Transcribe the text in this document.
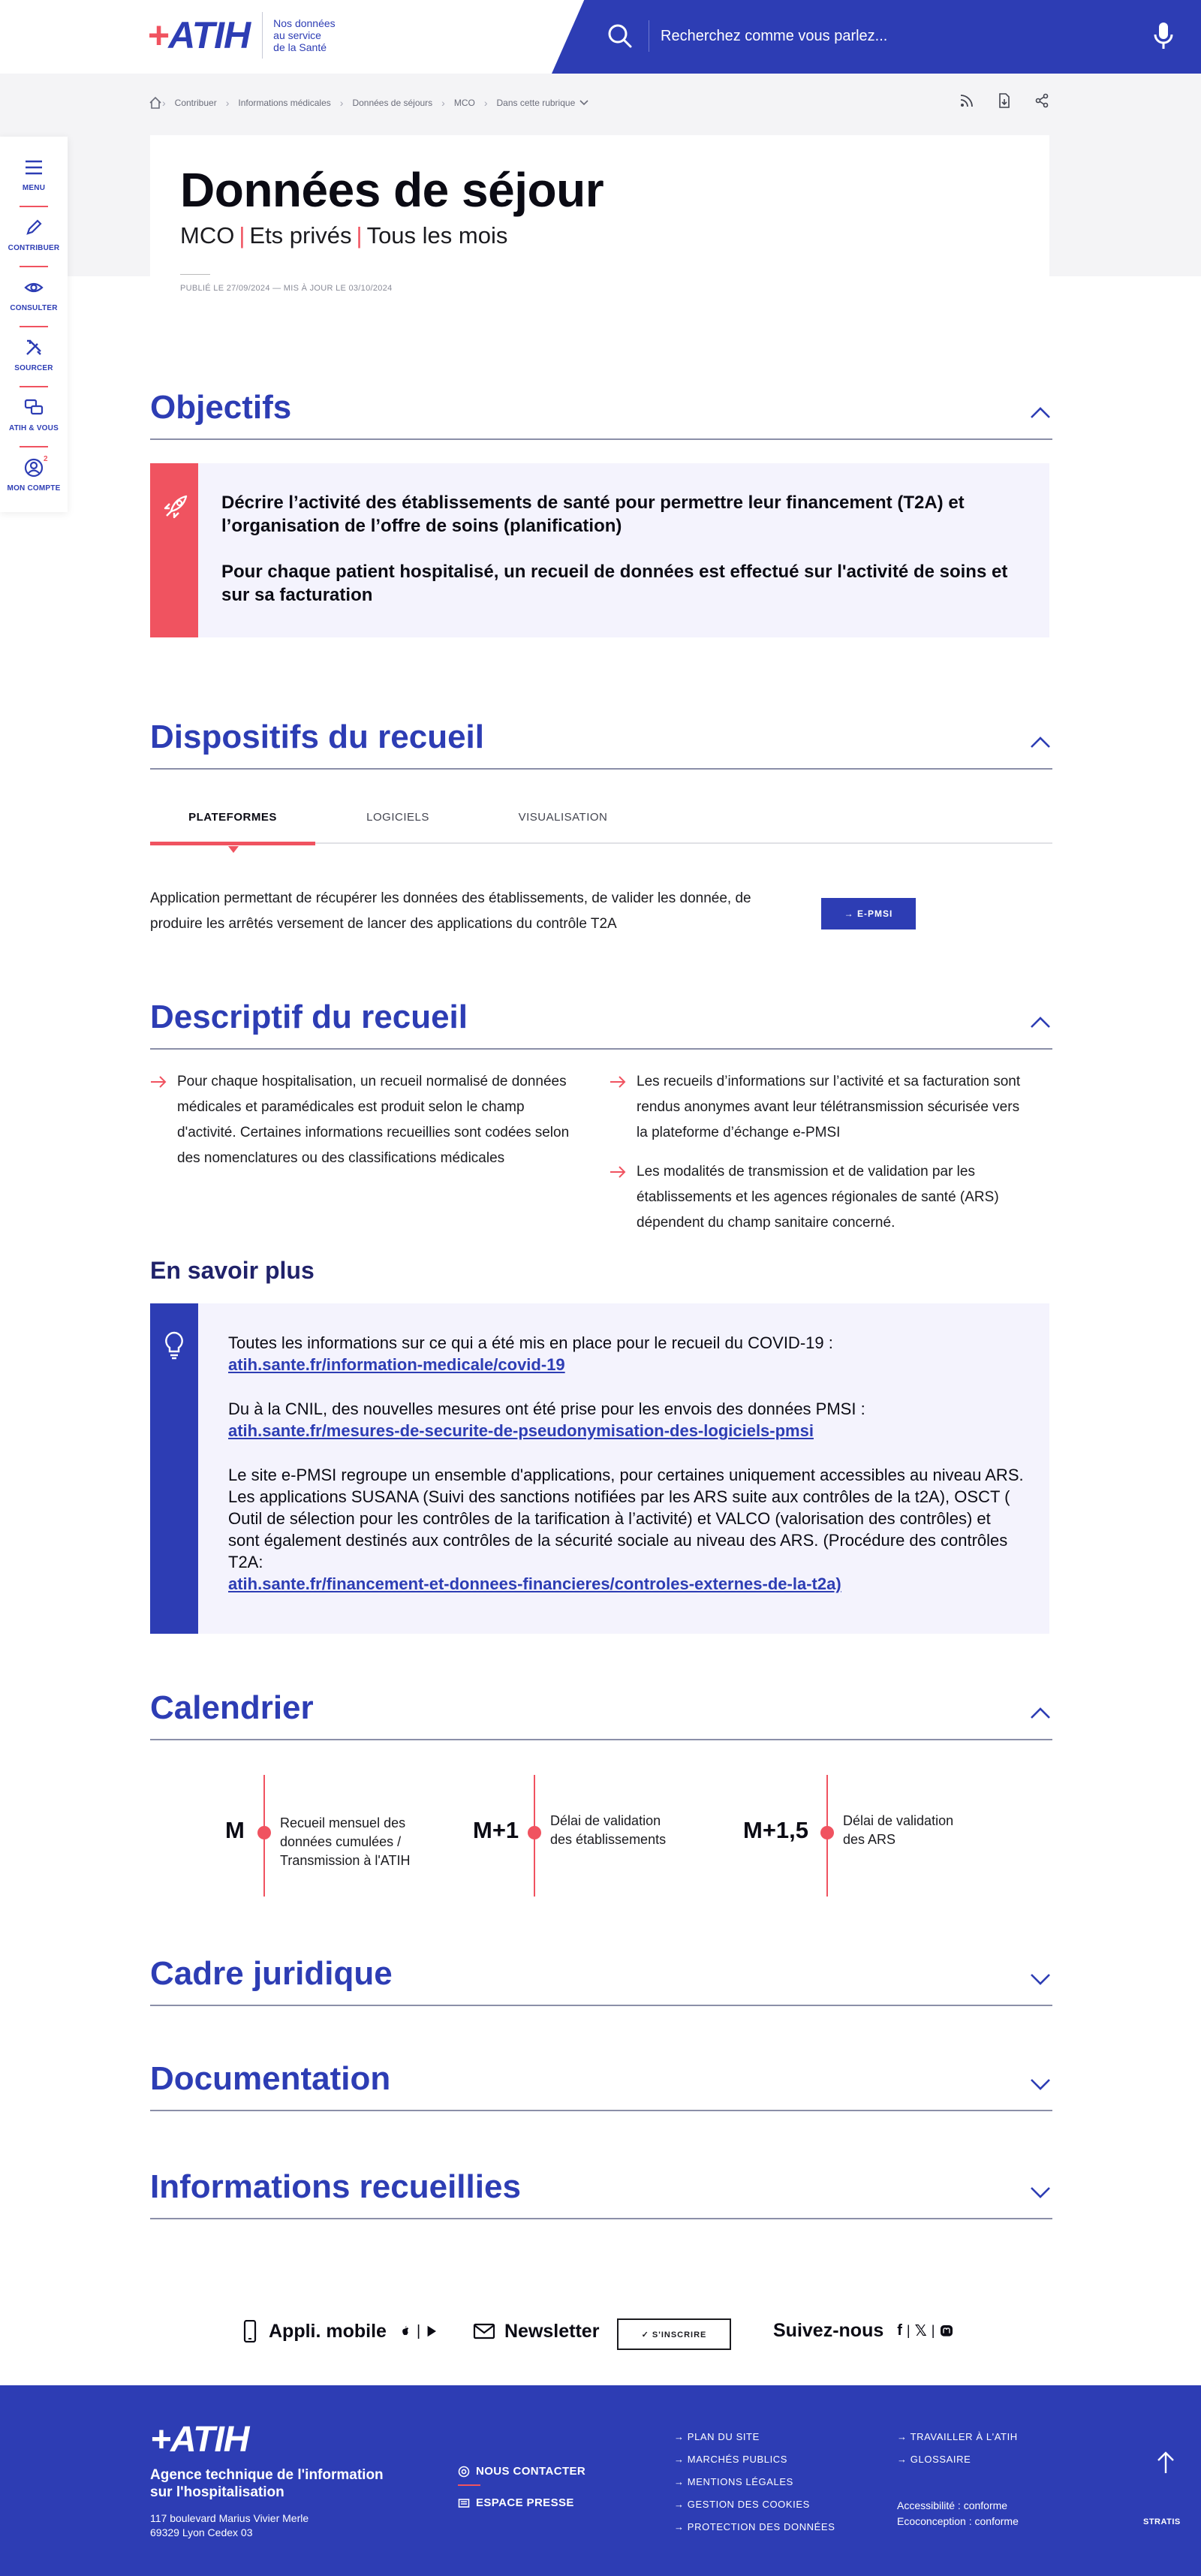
+ATIH Nos données
au service
de la Santé
Recherchez comme vous parlez...
› Contribuer › Informations médicales › Données de séjours › MCO › Dans cette rubrique
Données de séjour
MCO | Ets privés | Tous les mois
PUBLIÉ LE 27/09/2024 — MIS À JOUR LE 03/10/2024
MENU
CONTRIBUER
CONSULTER
SOURCER
ATIH & VOUS
2
MON COMPTE
Objectifs

Décrire l’activité des établissements de santé pour permettre leur financement (T2A) et l’organisation de l’offre de soins (planification)

Pour chaque patient hospitalisé, un recueil de données est effectué sur l'activité de soins et sur sa facturation

Dispositifs du recueil
PLATEFORMES	LOGICIELS	VISUALISATION

Application permettant de récupérer les données des établissements, de valider les donnée, de produire les arrêtés versement de lancer des applications du contrôle T2A

→ E-PMSI
Descriptif du recueil
Pour chaque hospitalisation, un recueil normalisé de données médicales et paramédicales est produit selon le champ d'activité. Certaines informations recueillies sont codées selon des nomenclatures ou des classifications médicales
Les recueils d’informations sur l’activité et sa facturation sont rendus anonymes avant leur télétransmission sécurisée vers la plateforme d’échange e-PMSI
Les modalités de transmission et de validation par les établissements et les agences régionales de santé (ARS) dépendent du champ sanitaire concerné.
En savoir plus
Toutes les informations sur ce qui a été mis en place pour le recueil du COVID-19 :
atih.sante.fr/information-medicale/covid-19
Du à la CNIL, des nouvelles mesures ont été prise pour les envois des données PMSI :
atih.sante.fr/mesures-de-securite-de-pseudonymisation-des-logiciels-pmsi
Le site e-PMSI regroupe un ensemble d'applications, pour certaines uniquement accessibles au niveau ARS. Les applications SUSANA (Suivi des sanctions notifiées par les ARS suite aux contrôles de la t2A), OSCT ( Outil de sélection pour les contrôles de la tarification à l’activité) et VALCO (valorisation des contrôles) et sont également destinés aux contrôles de la sécurité sociale au niveau des ARS. (Procédure des contrôles T2A:
atih.sante.fr/financement-et-donnees-financieres/controles-externes-de-la-t2a)
Calendrier
M	Recueil mensuel des données cumulées / Transmission à l'ATIH
M+1	Délai de validation des établissements	M+1,5	Délai de validation des ARS
Cadre juridique
Documentation
Informations recueillies
Appli. mobile |	Newsletter	Suivez-nous f | 𝕏 |
✓ S'INSCRIRE
+ATIH
Agence technique de l'information sur l'hospitalisation
117 boulevard Marius Vivier Merle
69329 Lyon Cedex 03
NOUS CONTACTER
ESPACE PRESSE
→ PLAN DU SITE
→ MARCHÉS PUBLICS
→ MENTIONS LÉGALES
→ GESTION DES COOKIES
→ PROTECTION DES DONNÉES
→ TRAVAILLER À L'ATIH
→ GLOSSAIRE
Accessibilité : conforme
Ecoconception : conforme	STRATIS
